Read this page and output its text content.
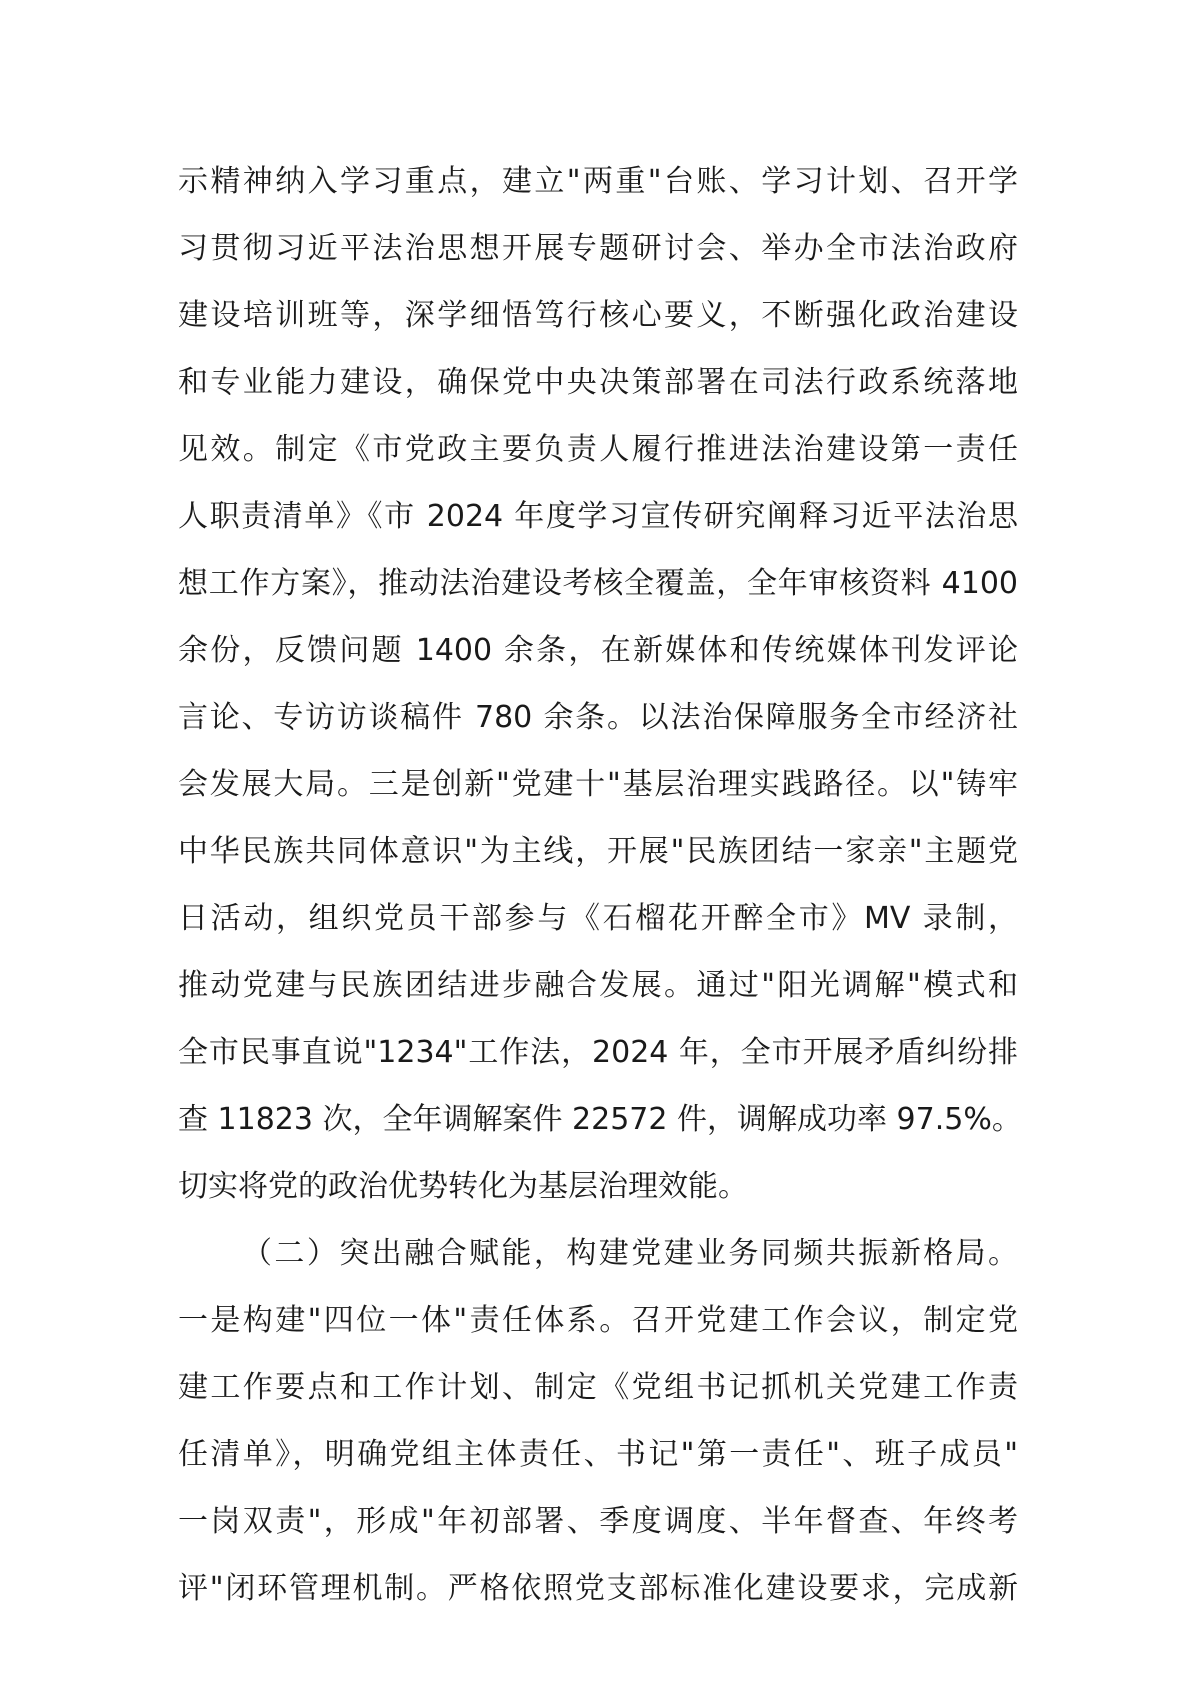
示精神纳入学习重点，建立"两重"台账、学习计划、召开学
习贯彻习近平法治思想开展专题研讨会、举办全市法治政府
建设培训班等，深学细悟笃行核心要义，不断强化政治建设
和专业能力建设，确保党中央决策部署在司法行政系统落地
见效。制定《市党政主要负责人履行推进法治建设第一责任
人职责清单》《市 2024 年度学习宣传研究阐释习近平法治思
想工作方案》，推动法治建设考核全覆盖，全年审核资料 4100
余份，反馈问题 1400 余条，在新媒体和传统媒体刊发评论
言论、专访访谈稿件 780 余条。以法治保障服务全市经济社
会发展大局。三是创新"党建十"基层治理实践路径。以"铸牢
中华民族共同体意识"为主线，开展"民族团结一家亲"主题党
日活动，组织党员干部参与《石榴花开醉全市》MV 录制，
推动党建与民族团结进步融合发展。通过"阳光调解"模式和
全市民事直说"1234"工作法，2024 年，全市开展矛盾纠纷排
查 11823 次，全年调解案件 22572 件，调解成功率 97.5%。
切实将党的政治优势转化为基层治理效能。
（二）突出融合赋能，构建党建业务同频共振新格局。
一是构建"四位一体"责任体系。召开党建工作会议，制定党
建工作要点和工作计划、制定《党组书记抓机关党建工作责
任清单》，明确党组主体责任、书记"第一责任"、班子成员"
一岗双责"，形成"年初部署、季度调度、半年督查、年终考
评"闭环管理机制。严格依照党支部标准化建设要求，完成新
